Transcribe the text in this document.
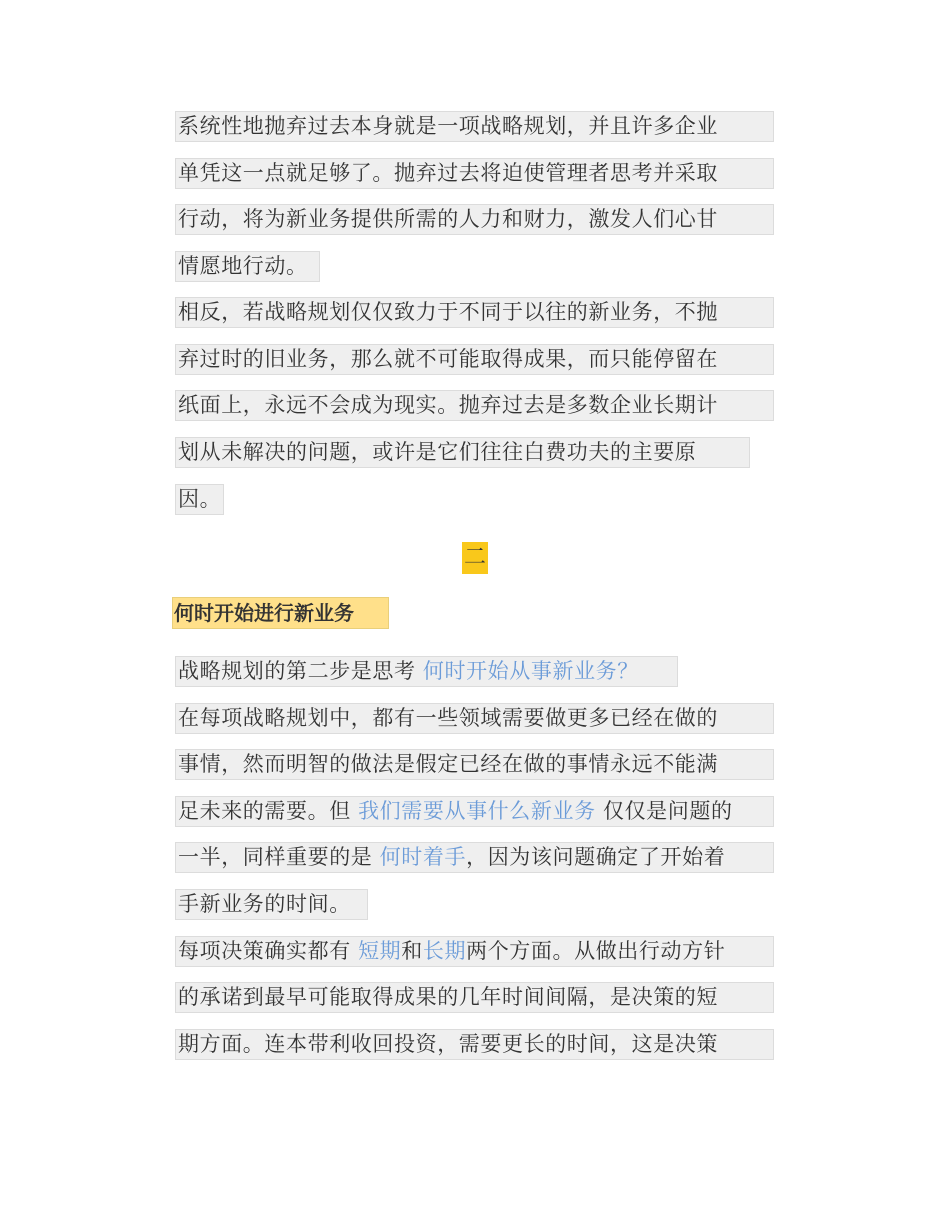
系统性地抛弃过去本身就是一项战略规划，并且许多企业
单凭这一点就足够了。抛弃过去将迫使管理者思考并采取
行动，将为新业务提供所需的人力和财力，激发人们心甘
情愿地行动。
相反，若战略规划仅仅致力于不同于以往的新业务，不抛
弃过时的旧业务，那么就不可能取得成果，而只能停留在
纸面上，永远不会成为现实。抛弃过去是多数企业长期计
划从未解决的问题，或许是它们往往白费功夫的主要原
因。
二
何时开始进行新业务
战略规划的第二步是思考 何时开始从事新业务？
在每项战略规划中，都有一些领域需要做更多已经在做的
事情，然而明智的做法是假定已经在做的事情永远不能满
足未来的需要。但 我们需要从事什么新业务 仅仅是问题的
一半，同样重要的是 何时着手，因为该问题确定了开始着
手新业务的时间。
每项决策确实都有 短期和长期两个方面。从做出行动方针
的承诺到最早可能取得成果的几年时间间隔，是决策的短
期方面。连本带利收回投资，需要更长的时间，这是决策
